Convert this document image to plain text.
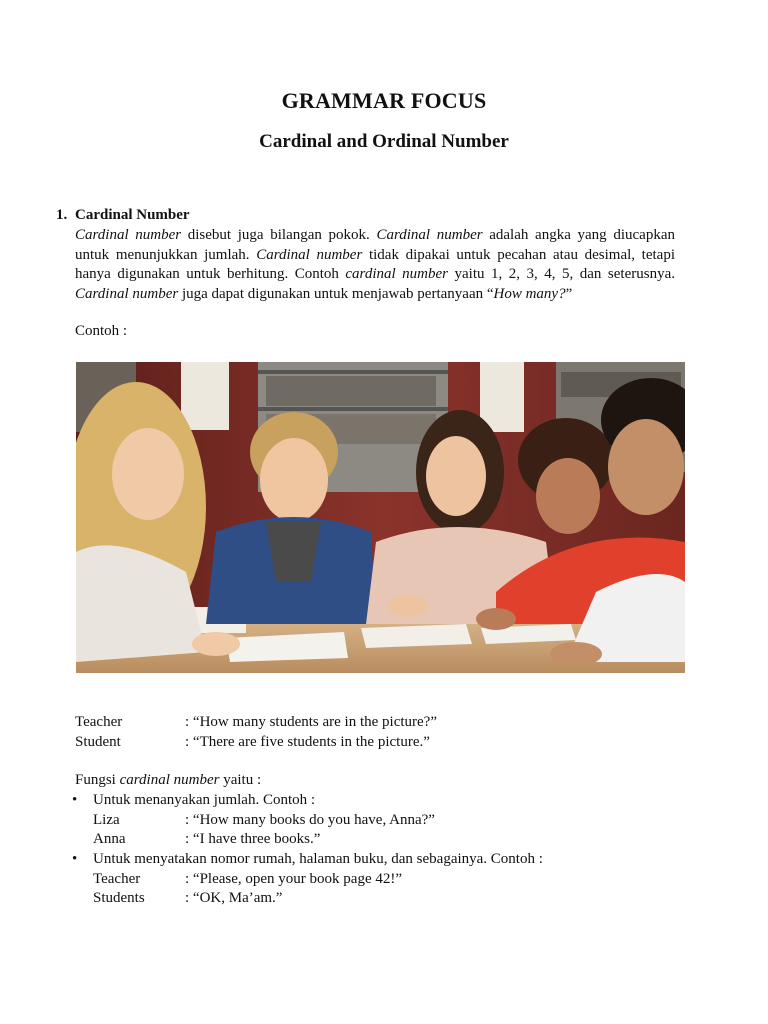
GRAMMAR FOCUS
Cardinal and Ordinal Number
1. Cardinal Number
Cardinal number disebut juga bilangan pokok. Cardinal number adalah angka yang diucapkan
untuk menunjukkan jumlah. Cardinal number tidak dipakai untuk pecahan atau desimal, tetapi
hanya digunakan untuk berhitung. Contoh cardinal number yaitu 1, 2, 3, 4, 5, dan seterusnya.
Cardinal number juga dapat digunakan untuk menjawab pertanyaan “How many?”
Contoh :
Teacher	: “How many students are in the picture?”
Student	: “There are five students in the picture.”
Fungsi cardinal number yaitu :
• Untuk menanyakan jumlah. Contoh :
Liza	: “How many books do you have, Anna?”
Anna	: “I have three books.”
• Untuk menyatakan nomor rumah, halaman buku, dan sebagainya. Contoh :
Teacher	: “Please, open your book page 42!”
Students	: “OK, Ma’am.”
